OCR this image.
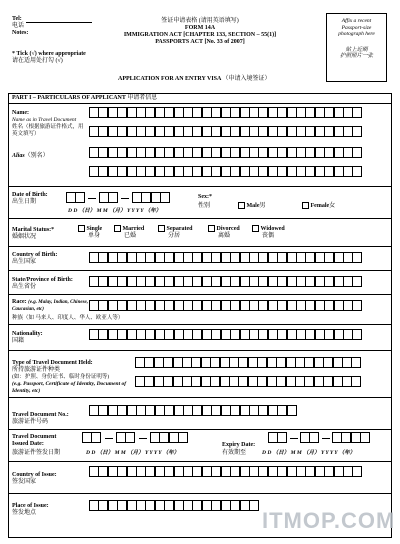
Tel:
电话
Notes:
* Tick (√) where appropriate
请在适用处打勾 (√)
签证申请表格 (请用英语填写)
FORM 14A
IMMIGRATION ACT [CHAPTER 133, SECTION – 55(1)]
PASSPORTS ACT [No. 33 of 2007]
APPLICATION FOR AN ENTRY VISA （申请入境签证）
Affix a recent Passport-size photograph here
贴上近期
护照照片一张
PART I – PARTICULARS OF APPLICANT 申请者信息
Name:
Name as in Travel Document
姓名（根据旅游证件格式，用英文填写）
Alias（别名）
Date of Birth:
出生日期
D D （日） M M （月） Y Y Y Y （年）
Sex:*
性别	Male男	Female女
Marital Status:*
婚姻状况
Single
单身
Married
已婚
Separated
分居
Divorced
离婚
Widowed
丧偶
Country of Birth:
出生国家
State/Province of Birth:
出生省份
Race: (e.g. Malay, Indian, Chinese, Caucasian, etc)
种族（如 马来人、印度人、华人、欧亚人等）
Nationality:
国籍
Type of Travel Document Held:
所持旅游证件种类
(如：护照、身份证书、临时身份证明等)
(e.g. Passport, Certificate of Identity, Document of Identity, etc)
Travel Document No.:
旅游证件号码
Travel Document Issued Date:
旅游证件签发日期	D D （日） M M （月） Y Y Y Y （年）
Expiry Date:
有效期至	D D （日） M M （月） Y Y Y Y （年）
Country of Issue:
签发国家
Place of Issue:
签发地点	ITMOP.COM
